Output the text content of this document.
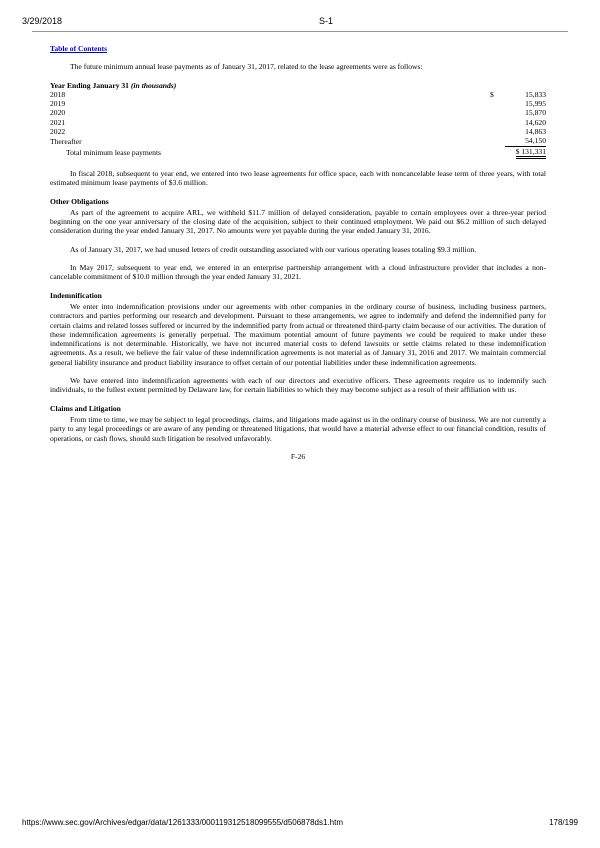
3/29/2018	S-1
Table of Contents

The future minimum annual lease payments as of January 31, 2017, related to the lease agreements were as follows:

Year Ending January 31 (in thousands)	
2018	$ 15,833
2019	15,995
2020	15,870
2021	14,620
2022	14,863
Thereafter	54,150
Total minimum lease payments	$ 131,331

In fiscal 2018, subsequent to year end, we entered into two lease agreements for office space, each with noncancelable lease term of three years, with total estimated minimum lease payments of $3.6 million.

Other Obligations

As part of the agreement to acquire ARL, we withheld $11.7 million of delayed consideration, payable to certain employees over a three-year period beginning on the one year anniversary of the closing date of the acquisition, subject to their continued employment. We paid out $6.2 million of such delayed consideration during the year ended January 31, 2017. No amounts were yet payable during the year ended January 31, 2016.

As of January 31, 2017, we had unused letters of credit outstanding associated with our various operating leases totaling $9.3 million.

In May 2017, subsequent to year end, we entered in an enterprise partnership arrangement with a cloud infrastructure provider that includes a non-cancelable commitment of $10.0 million through the year ended January 31, 2021.

Indemnification

We enter into indemnification provisions under our agreements with other companies in the ordinary course of business, including business partners, contractors and parties performing our research and development. Pursuant to these arrangements, we agree to indemnify and defend the indemnified party for certain claims and related losses suffered or incurred by the indemnified party from actual or threatened third-party claim because of our activities. The duration of these indemnification agreements is generally perpetual. The maximum potential amount of future payments we could be required to make under these indemnifications is not determinable. Historically, we have not incurred material costs to defend lawsuits or settle claims related to these indemnification agreements. As a result, we believe the fair value of these indemnification agreements is not material as of January 31, 2016 and 2017. We maintain commercial general liability insurance and product liability insurance to offset certain of our potential liabilities under these indemnification agreements.

We have entered into indemnification agreements with each of our directors and executive officers. These agreements require us to indemnify such individuals, to the fullest extent permitted by Delaware law, for certain liabilities to which they may become subject as a result of their affiliation with us.

Claims and Litigation

From time to time, we may be subject to legal proceedings, claims, and litigations made against us in the ordinary course of business. We are not currently a party to any legal proceedings or are aware of any pending or threatened litigations, that would have a material adverse effect to our financial condition, results of operations, or cash flows, should such litigation be resolved unfavorably.

F-26
https://www.sec.gov/Archives/edgar/data/1261333/000119312518099555/d506878ds1.htm	178/199
